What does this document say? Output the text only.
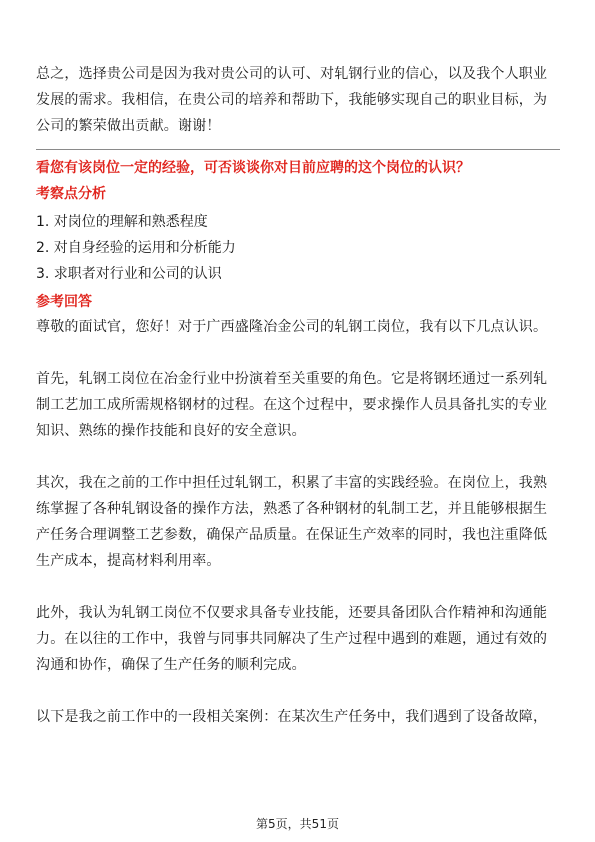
总之，选择贵公司是因为我对贵公司的认可、对轧钢行业的信心，以及我个人职业发展的需求。我相信，在贵公司的培养和帮助下，我能够实现自己的职业目标，为公司的繁荣做出贡献。谢谢！

看您有该岗位一定的经验，可否谈谈你对目前应聘的这个岗位的认识？

考察点分析

1. 对岗位的理解和熟悉程度

2. 对自身经验的运用和分析能力

3. 求职者对行业和公司的认识

参考回答

尊敬的面试官，您好！对于广西盛隆冶金公司的轧钢工岗位，我有以下几点认识。

首先，轧钢工岗位在冶金行业中扮演着至关重要的角色。它是将钢坯通过一系列轧制工艺加工成所需规格钢材的过程。在这个过程中，要求操作人员具备扎实的专业知识、熟练的操作技能和良好的安全意识。

其次，我在之前的工作中担任过轧钢工，积累了丰富的实践经验。在岗位上，我熟练掌握了各种轧钢设备的操作方法，熟悉了各种钢材的轧制工艺，并且能够根据生产任务合理调整工艺参数，确保产品质量。在保证生产效率的同时，我也注重降低生产成本，提高材料利用率。

此外，我认为轧钢工岗位不仅要求具备专业技能，还要具备团队合作精神和沟通能力。在以往的工作中，我曾与同事共同解决了生产过程中遇到的难题，通过有效的沟通和协作，确保了生产任务的顺利完成。

以下是我之前工作中的一段相关案例：在某次生产任务中，我们遇到了设备故障，

第5页，共51页
